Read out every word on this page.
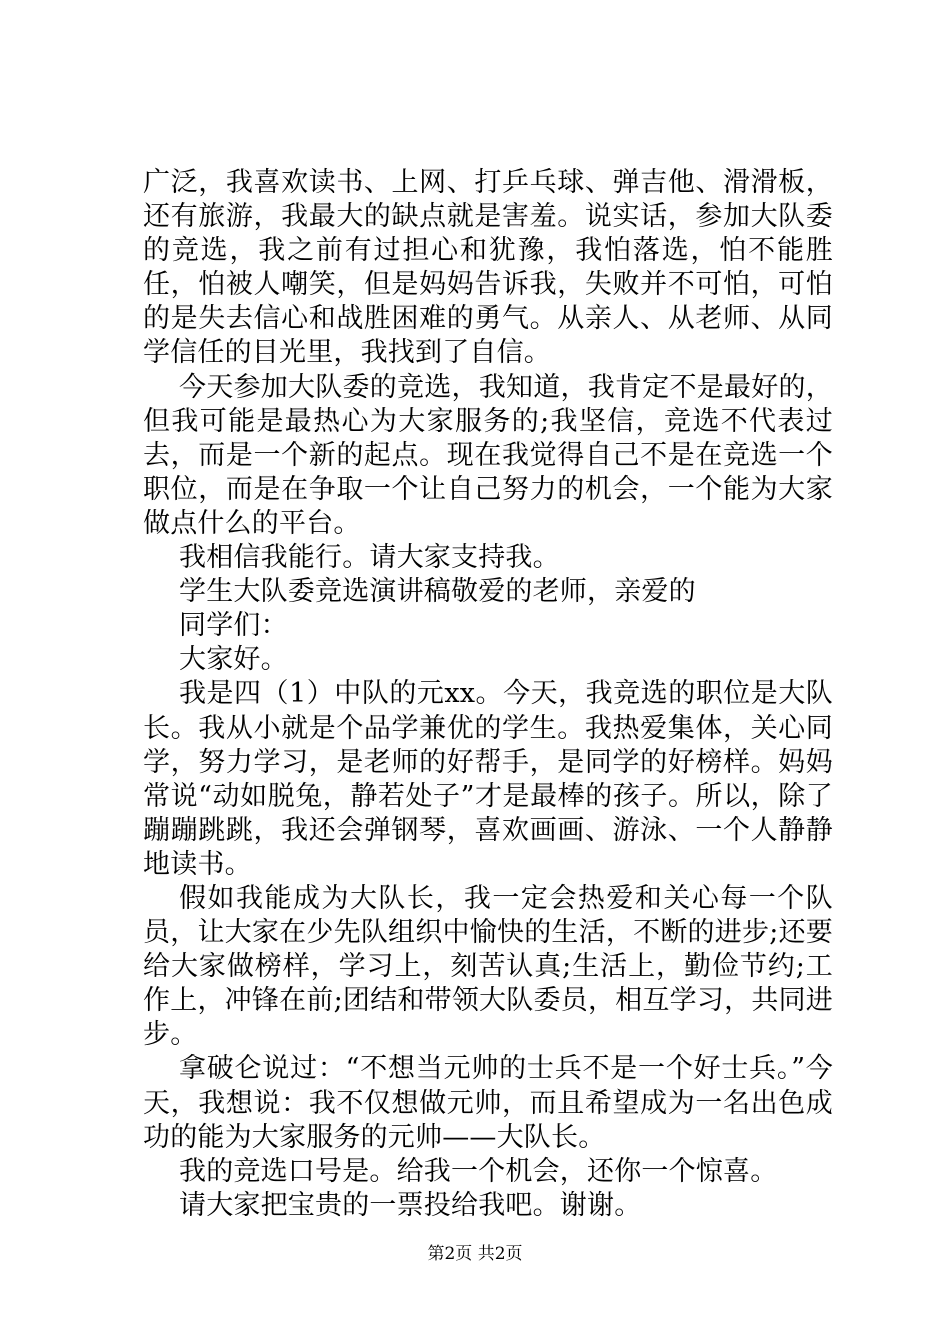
广泛，我喜欢读书、上网、打乒乓球、弹吉他、滑滑板，还有旅游，我最大的缺点就是害羞。说实话，参加大队委的竞选，我之前有过担心和犹豫，我怕落选，怕不能胜任，怕被人嘲笑，但是妈妈告诉我，失败并不可怕，可怕的是失去信心和战胜困难的勇气。从亲人、从老师、从同学信任的目光里，我找到了自信。

今天参加大队委的竞选，我知道，我肯定不是最好的，但我可能是最热心为大家服务的;我坚信，竞选不代表过去，而是一个新的起点。现在我觉得自己不是在竞选一个职位，而是在争取一个让自己努力的机会，一个能为大家做点什么的平台。

我相信我能行。请大家支持我。

学生大队委竞选演讲稿敬爱的老师，亲爱的

同学们：

大家好。

我是四（1）中队的元xx。今天，我竞选的职位是大队长。我从小就是个品学兼优的学生。我热爱集体，关心同学，努力学习，是老师的好帮手，是同学的好榜样。妈妈常说“动如脱兔，静若处子”才是最棒的孩子。所以，除了蹦蹦跳跳，我还会弹钢琴，喜欢画画、游泳、一个人静静地读书。

假如我能成为大队长，我一定会热爱和关心每一个队员，让大家在少先队组织中愉快的生活，不断的进步;还要给大家做榜样，学习上，刻苦认真;生活上，勤俭节约;工作上，冲锋在前;团结和带领大队委员，相互学习，共同进步。

拿破仑说过：“不想当元帅的士兵不是一个好士兵。”今天，我想说：我不仅想做元帅，而且希望成为一名出色成功的能为大家服务的元帅——大队长。

我的竞选口号是。给我一个机会，还你一个惊喜。

请大家把宝贵的一票投给我吧。谢谢。

第2页 共2页
